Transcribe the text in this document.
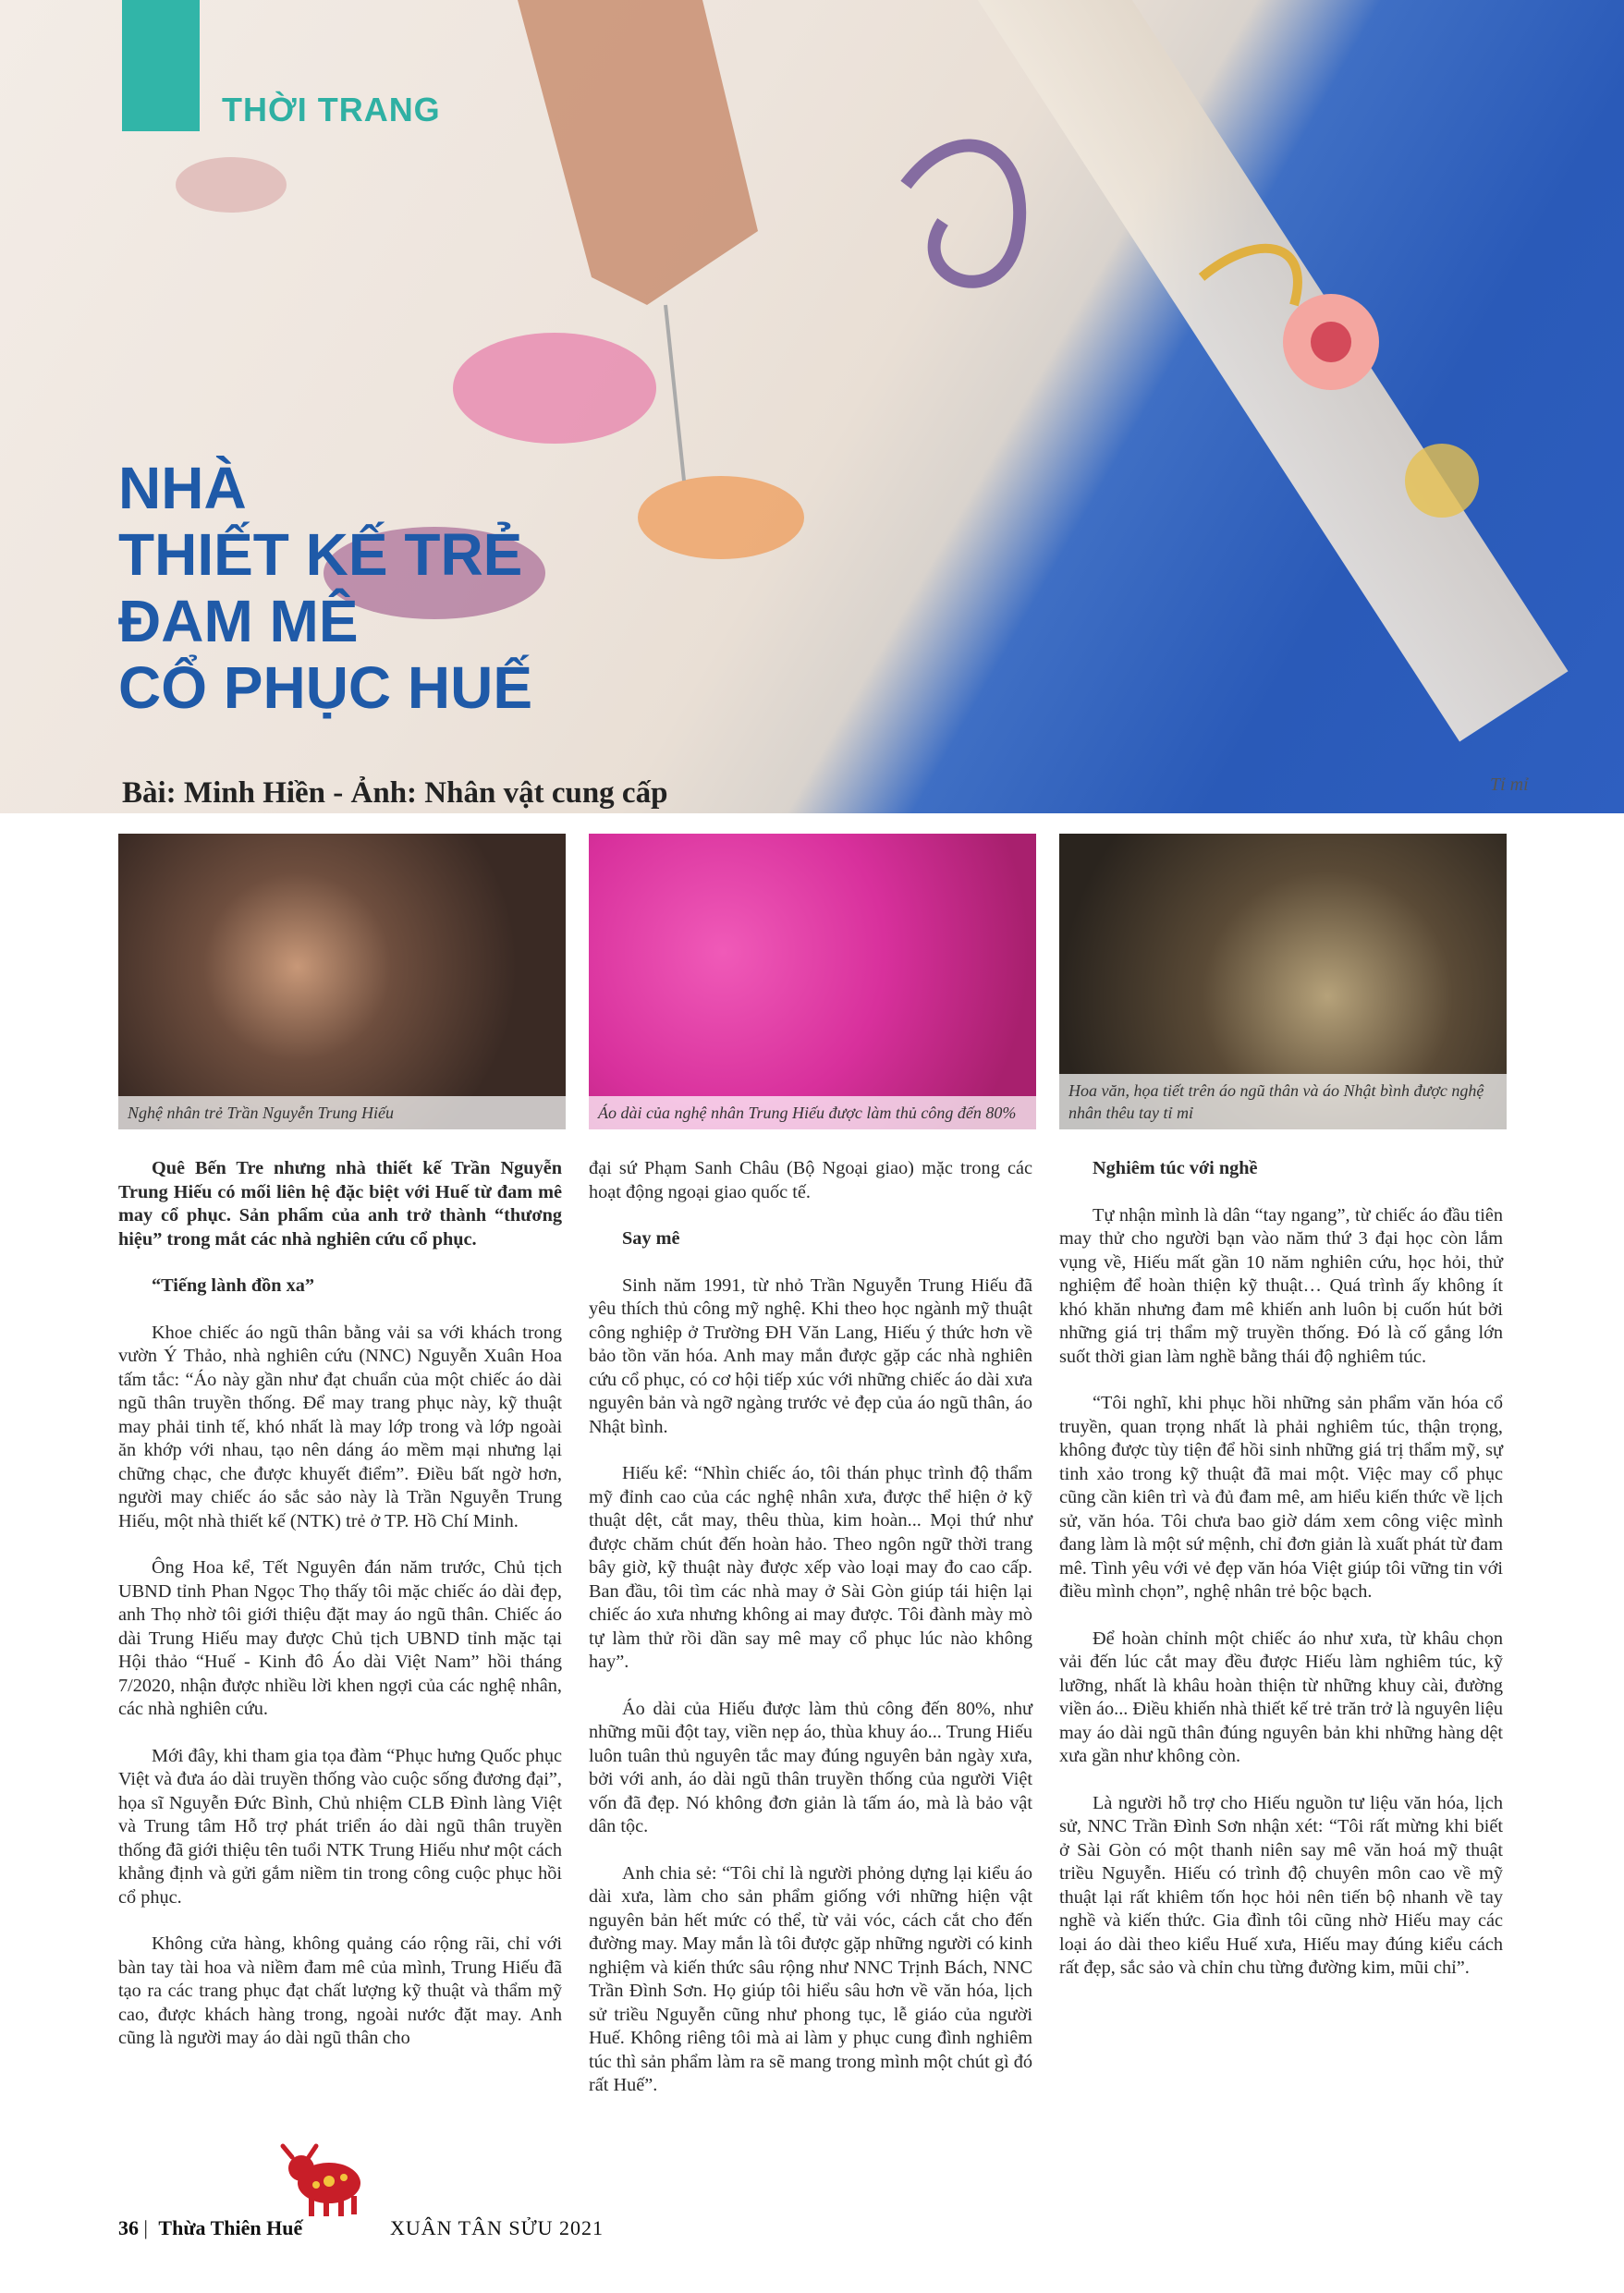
THỜI TRANG
NHÀ
THIẾT KẾ TRẺ
ĐAM MÊ
CỔ PHỤC HUẾ
Bài: Minh Hiền - Ảnh: Nhân vật cung cấp	Tỉ mỉ
Nghệ nhân trẻ Trần Nguyễn Trung Hiếu	Áo dài của nghệ nhân Trung Hiếu được làm thủ công đến 80%
Hoa văn, họa tiết trên áo ngũ thân và áo Nhật bình được nghệ nhân thêu tay tỉ mỉ

Quê Bến Tre nhưng nhà thiết kế Trần Nguyễn Trung Hiếu có mối liên hệ đặc biệt với Huế từ đam mê may cổ phục. Sản phẩm của anh trở thành “thương hiệu” trong mắt các nhà nghiên cứu cổ phục.

“Tiếng lành đồn xa”

Khoe chiếc áo ngũ thân bằng vải sa với khách trong vườn Ý Thảo, nhà nghiên cứu (NNC) Nguyễn Xuân Hoa tấm tắc: “Áo này gần như đạt chuẩn của một chiếc áo dài ngũ thân truyền thống. Để may trang phục này, kỹ thuật may phải tinh tế, khó nhất là may lớp trong và lớp ngoài ăn khớp với nhau, tạo nên dáng áo mềm mại nhưng lại chững chạc, che được khuyết điểm”. Điều bất ngờ hơn, người may chiếc áo sắc sảo này là Trần Nguyễn Trung Hiếu, một nhà thiết kế (NTK) trẻ ở TP. Hồ Chí Minh.

Ông Hoa kể, Tết Nguyên đán năm trước, Chủ tịch UBND tỉnh Phan Ngọc Thọ thấy tôi mặc chiếc áo dài đẹp, anh Thọ nhờ tôi giới thiệu đặt may áo ngũ thân. Chiếc áo dài Trung Hiếu may được Chủ tịch UBND tỉnh mặc tại Hội thảo “Huế - Kinh đô Áo dài Việt Nam” hồi tháng 7/2020, nhận được nhiều lời khen ngợi của các nghệ nhân, các nhà nghiên cứu.

Mới đây, khi tham gia tọa đàm “Phục hưng Quốc phục Việt và đưa áo dài truyền thống vào cuộc sống đương đại”, họa sĩ Nguyễn Đức Bình, Chủ nhiệm CLB Đình làng Việt và Trung tâm Hỗ trợ phát triển áo dài ngũ thân truyền thống đã giới thiệu tên tuổi NTK Trung Hiếu như một cách khẳng định và gửi gắm niềm tin trong công cuộc phục hồi cổ phục.

Không cửa hàng, không quảng cáo rộng rãi, chỉ với bàn tay tài hoa và niềm đam mê của mình, Trung Hiếu đã tạo ra các trang phục đạt chất lượng kỹ thuật và thẩm mỹ cao, được khách hàng trong, ngoài nước đặt may. Anh cũng là người may áo dài ngũ thân cho

đại sứ Phạm Sanh Châu (Bộ Ngoại giao) mặc trong các hoạt động ngoại giao quốc tế.

Say mê

Sinh năm 1991, từ nhỏ Trần Nguyễn Trung Hiếu đã yêu thích thủ công mỹ nghệ. Khi theo học ngành mỹ thuật công nghiệp ở Trường ĐH Văn Lang, Hiếu ý thức hơn về bảo tồn văn hóa. Anh may mắn được gặp các nhà nghiên cứu cổ phục, có cơ hội tiếp xúc với những chiếc áo dài xưa nguyên bản và ngỡ ngàng trước vẻ đẹp của áo ngũ thân, áo Nhật bình.

Hiếu kể: “Nhìn chiếc áo, tôi thán phục trình độ thẩm mỹ đỉnh cao của các nghệ nhân xưa, được thể hiện ở kỹ thuật dệt, cắt may, thêu thùa, kim hoàn... Mọi thứ như được chăm chút đến hoàn hảo. Theo ngôn ngữ thời trang bây giờ, kỹ thuật này được xếp vào loại may đo cao cấp. Ban đầu, tôi tìm các nhà may ở Sài Gòn giúp tái hiện lại chiếc áo xưa nhưng không ai may được. Tôi đành mày mò tự làm thử rồi dần say mê may cổ phục lúc nào không hay”.

Áo dài của Hiếu được làm thủ công đến 80%, như những mũi đột tay, viền nẹp áo, thùa khuy áo... Trung Hiếu luôn tuân thủ nguyên tắc may đúng nguyên bản ngày xưa, bởi với anh, áo dài ngũ thân truyền thống của người Việt vốn đã đẹp. Nó không đơn giản là tấm áo, mà là bảo vật dân tộc.

Anh chia sẻ: “Tôi chỉ là người phỏng dựng lại kiểu áo dài xưa, làm cho sản phẩm giống với những hiện vật nguyên bản hết mức có thể, từ vải vóc, cách cắt cho đến đường may. May mắn là tôi được gặp những người có kinh nghiệm và kiến thức sâu rộng như NNC Trịnh Bách, NNC Trần Đình Sơn. Họ giúp tôi hiểu sâu hơn về văn hóa, lịch sử triều Nguyễn cũng như phong tục, lễ giáo của người Huế. Không riêng tôi mà ai làm y phục cung đình nghiêm túc thì sản phẩm làm ra sẽ mang trong mình một chút gì đó rất Huế”.

Nghiêm túc với nghề

Tự nhận mình là dân “tay ngang”, từ chiếc áo đầu tiên may thử cho người bạn vào năm thứ 3 đại học còn lắm vụng về, Hiếu mất gần 10 năm nghiên cứu, học hỏi, thử nghiệm để hoàn thiện kỹ thuật… Quá trình ấy không ít khó khăn nhưng đam mê khiến anh luôn bị cuốn hút bởi những giá trị thẩm mỹ truyền thống. Đó là cố gắng lớn suốt thời gian làm nghề bằng thái độ nghiêm túc.

“Tôi nghĩ, khi phục hồi những sản phẩm văn hóa cổ truyền, quan trọng nhất là phải nghiêm túc, thận trọng, không được tùy tiện để hồi sinh những giá trị thẩm mỹ, sự tinh xảo trong kỹ thuật đã mai một. Việc may cổ phục cũng cần kiên trì và đủ đam mê, am hiểu kiến thức về lịch sử, văn hóa. Tôi chưa bao giờ dám xem công việc mình đang làm là một sứ mệnh, chỉ đơn giản là xuất phát từ đam mê. Tình yêu với vẻ đẹp văn hóa Việt giúp tôi vững tin với điều mình chọn”, nghệ nhân trẻ bộc bạch.

Để hoàn chỉnh một chiếc áo như xưa, từ khâu chọn vải đến lúc cắt may đều được Hiếu làm nghiêm túc, kỹ lưỡng, nhất là khâu hoàn thiện từ những khuy cài, đường viền áo... Điều khiến nhà thiết kế trẻ trăn trở là nguyên liệu may áo dài ngũ thân đúng nguyên bản khi những hàng dệt xưa gần như không còn.

Là người hỗ trợ cho Hiếu nguồn tư liệu văn hóa, lịch sử, NNC Trần Đình Sơn nhận xét: “Tôi rất mừng khi biết ở Sài Gòn có một thanh niên say mê văn hoá mỹ thuật triều Nguyễn. Hiếu có trình độ chuyên môn cao về mỹ thuật lại rất khiêm tốn học hỏi nên tiến bộ nhanh về tay nghề và kiến thức. Gia đình tôi cũng nhờ Hiếu may các loại áo dài theo kiểu Huế xưa, Hiếu may đúng kiểu cách rất đẹp, sắc sảo và chỉn chu từng đường kim, mũi chỉ”.

36 | Thừa Thiên Huế	XUÂN TÂN SỬU 2021
